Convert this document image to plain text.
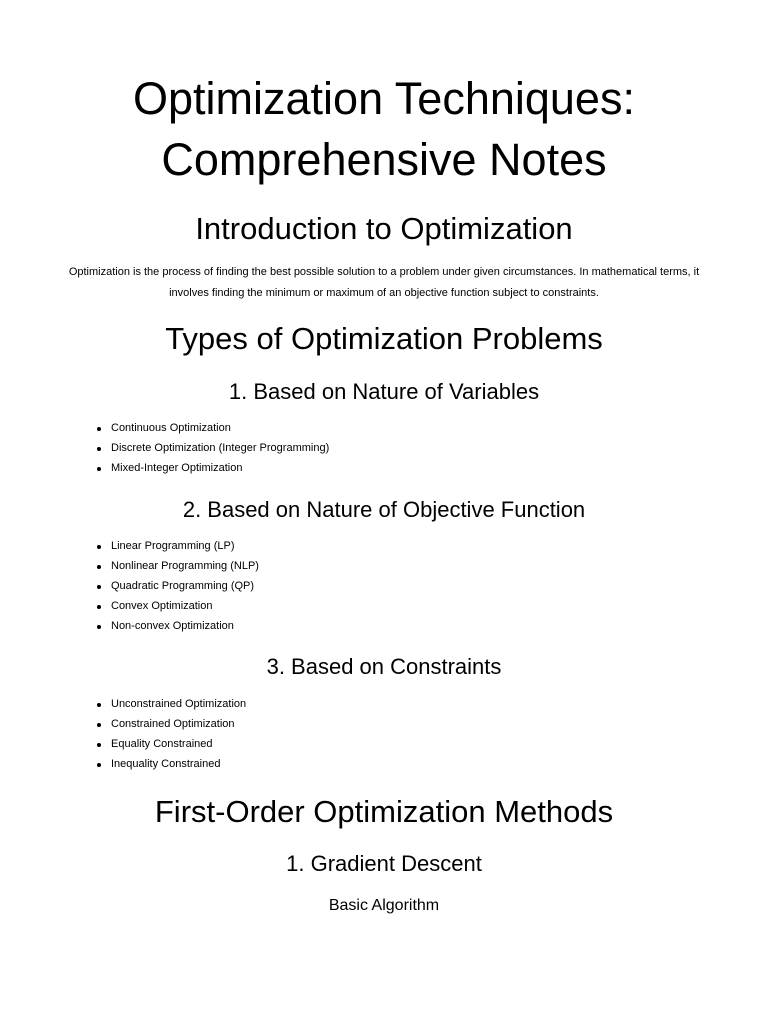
Optimization Techniques: Comprehensive Notes
Introduction to Optimization

Optimization is the process of finding the best possible solution to a problem under given circumstances. In mathematical terms, it involves finding the minimum or maximum of an objective function subject to constraints.

Types of Optimization Problems
1. Based on Nature of Variables
Continuous Optimization
Discrete Optimization (Integer Programming)
Mixed-Integer Optimization
2. Based on Nature of Objective Function
Linear Programming (LP)
Nonlinear Programming (NLP)
Quadratic Programming (QP)
Convex Optimization
Non-convex Optimization
3. Based on Constraints
Unconstrained Optimization
Constrained Optimization
Equality Constrained
Inequality Constrained
First-Order Optimization Methods
1. Gradient Descent
Basic Algorithm
